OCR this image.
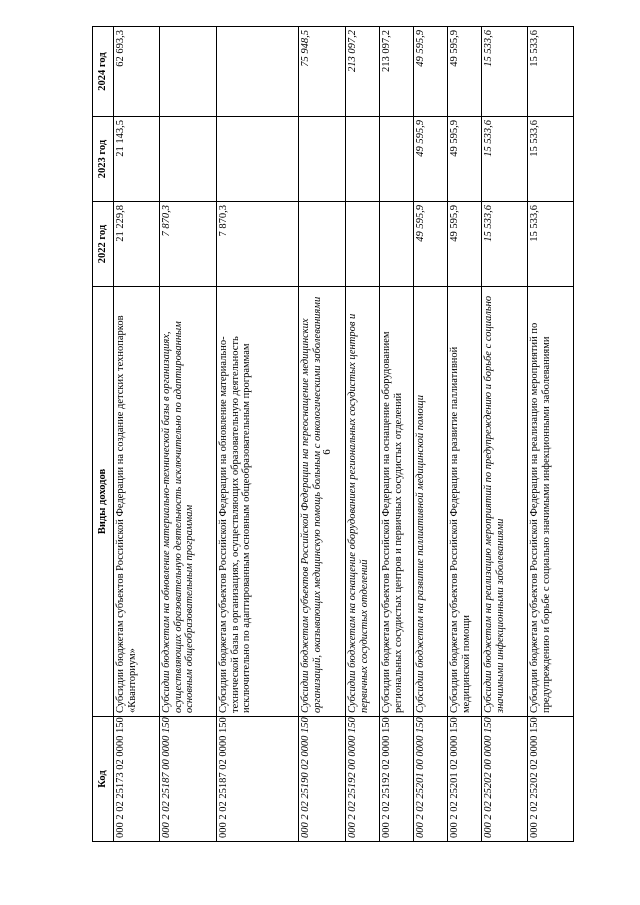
6
Код	Виды доходов	2022 год	2023 год	2024 год
000 2 02 25173 02 0000 150	Субсидии бюджетам субъектов Российской Федерации на создание детских технопарков «Кванториум»	21 229,8	21 143,5	62 693,3
000 2 02 25187 00 0000 150	Субсидии бюджетам на обновление материально-технической базы в организациях, осуществляющих образовательную деятельность исключительно по адаптированным основным общеобразовательным программам	7 870,3		
000 2 02 25187 02 0000 150	Субсидии бюджетам субъектов Российской Федерации на обновление материально-технической базы в организациях, осуществляющих образовательную деятельность исключительно по адаптированным основным общеобразовательным программам	7 870,3		
000 2 02 25190 02 0000 150	Субсидии бюджетам субъектов Российской Федерации на переоснащение медицинских организаций, оказывающих медицинскую помощь больным с онкологическими заболеваниями			75 948,5
000 2 02 25192 00 0000 150	Субсидии бюджетам на оснащение оборудованием региональных сосудистых центров и первичных сосудистых отделений			213 097,2
000 2 02 25192 02 0000 150	Субсидии бюджетам субъектов Российской Федерации на оснащение оборудованием региональных сосудистых центров и первичных сосудистых отделений			213 097,2
000 2 02 25201 00 0000 150	Субсидии бюджетам на развитие паллиативной медицинской помощи	49 595,9	49 595,9	49 595,9
000 2 02 25201 02 0000 150	Субсидии бюджетам субъектов Российской Федерации на развитие паллиативной медицинской помощи	49 595,9	49 595,9	49 595,9
000 2 02 25202 00 0000 150	Субсидии бюджетам на реализацию мероприятий по предупреждению и борьбе с социально значимыми инфекционными заболеваниями	15 533,6	15 533,6	15 533,6
000 2 02 25202 02 0000 150	Субсидии бюджетам субъектов Российской Федерации на реализацию мероприятий по предупреждению и борьбе с социально значимыми инфекционными заболеваниями	15 533,6	15 533,6	15 533,6
